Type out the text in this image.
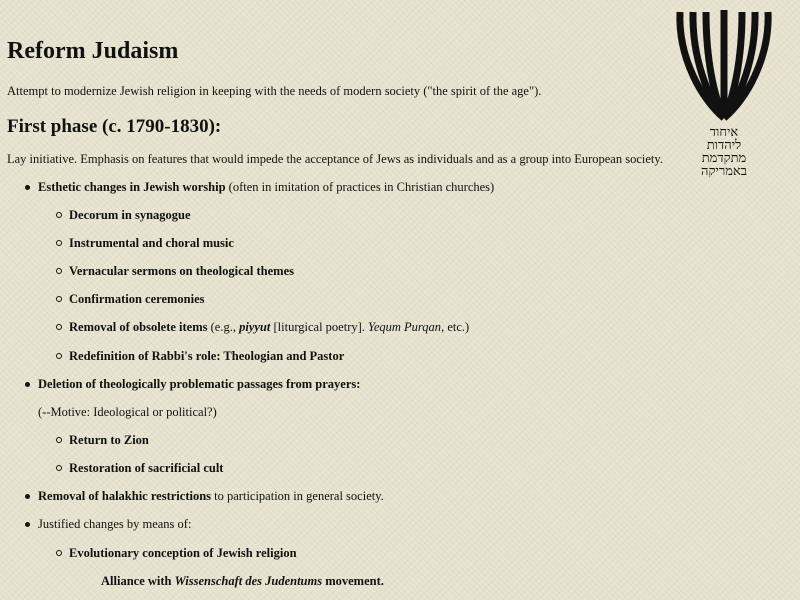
Reform Judaism
Attempt to modernize Jewish religion in keeping with the needs of modern society ("the spirit of the age").
First phase (c. 1790-1830):
Lay initiative. Emphasis on features that would impede the acceptance of Jews as individuals and as a group into European society.
Esthetic changes in Jewish worship (often in imitation of practices in Christian churches)
Decorum in synagogue
Instrumental and choral music
Vernacular sermons on theological themes
Confirmation ceremonies
Removal of obsolete items (e.g., piyyut [liturgical poetry]. Yequm Purqan, etc.)
Redefinition of Rabbi's role: Theologian and Pastor
Deletion of theologically problematic passages from prayers:
(--Motive: Ideological or political?)
Return to Zion
Restoration of sacrificial cult
Removal of halakhic restrictions to participation in general society.
Justified changes by means of:
Evolutionary conception of Jewish religion
Alliance with Wissenschaft des Judentums movement.
איחוד
ליהדות
מתקדמת
באמריקה
